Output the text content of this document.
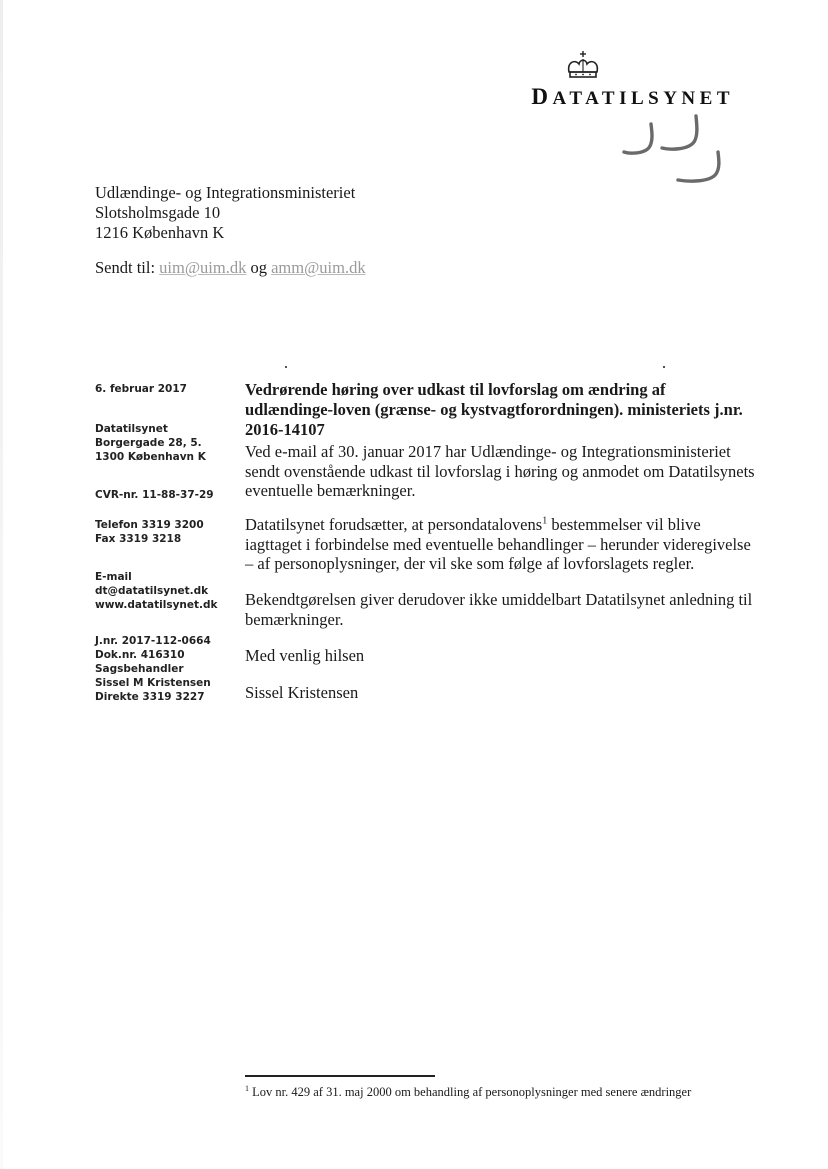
DATATILSYNET
Udlændinge- og Integrationsministeriet
Slotsholmsgade 10
1216 København K
Sendt til: uim@uim.dk og amm@uim.dk
6. februar 2017
Datatilsynet
Borgergade 28, 5.
1300 København K
CVR-nr. 11-88-37-29
Telefon 3319 3200
Fax 3319 3218
E-mail
dt@datatilsynet.dk
www.datatilsynet.dk
J.nr. 2017-112-0664
Dok.nr. 416310
Sagsbehandler
Sissel M Kristensen
Direkte 3319 3227
Vedrørende høring over udkast til lovforslag om ændring af udlændinge-loven (grænse- og kystvagtforordningen). ministeriets j.nr. 2016-14107
Ved e-mail af 30. januar 2017 har Udlændinge- og Integrationsministeriet sendt ovenstående udkast til lovforslag i høring og anmodet om Datatilsynets eventuelle bemærkninger.
Datatilsynet forudsætter, at persondatalovens$^1$ bestemmelser vil blive iagttaget i forbindelse med eventuelle behandlinger – herunder videregivelse – af personoplysninger, der vil ske som følge af lovforslagets regler.
Bekendtgørelsen giver derudover ikke umiddelbart Datatilsynet anledning til bemærkninger.
Med venlig hilsen
Sissel Kristensen
$^1$ Lov nr. 429 af 31. maj 2000 om behandling af personoplysninger med senere ændringer
